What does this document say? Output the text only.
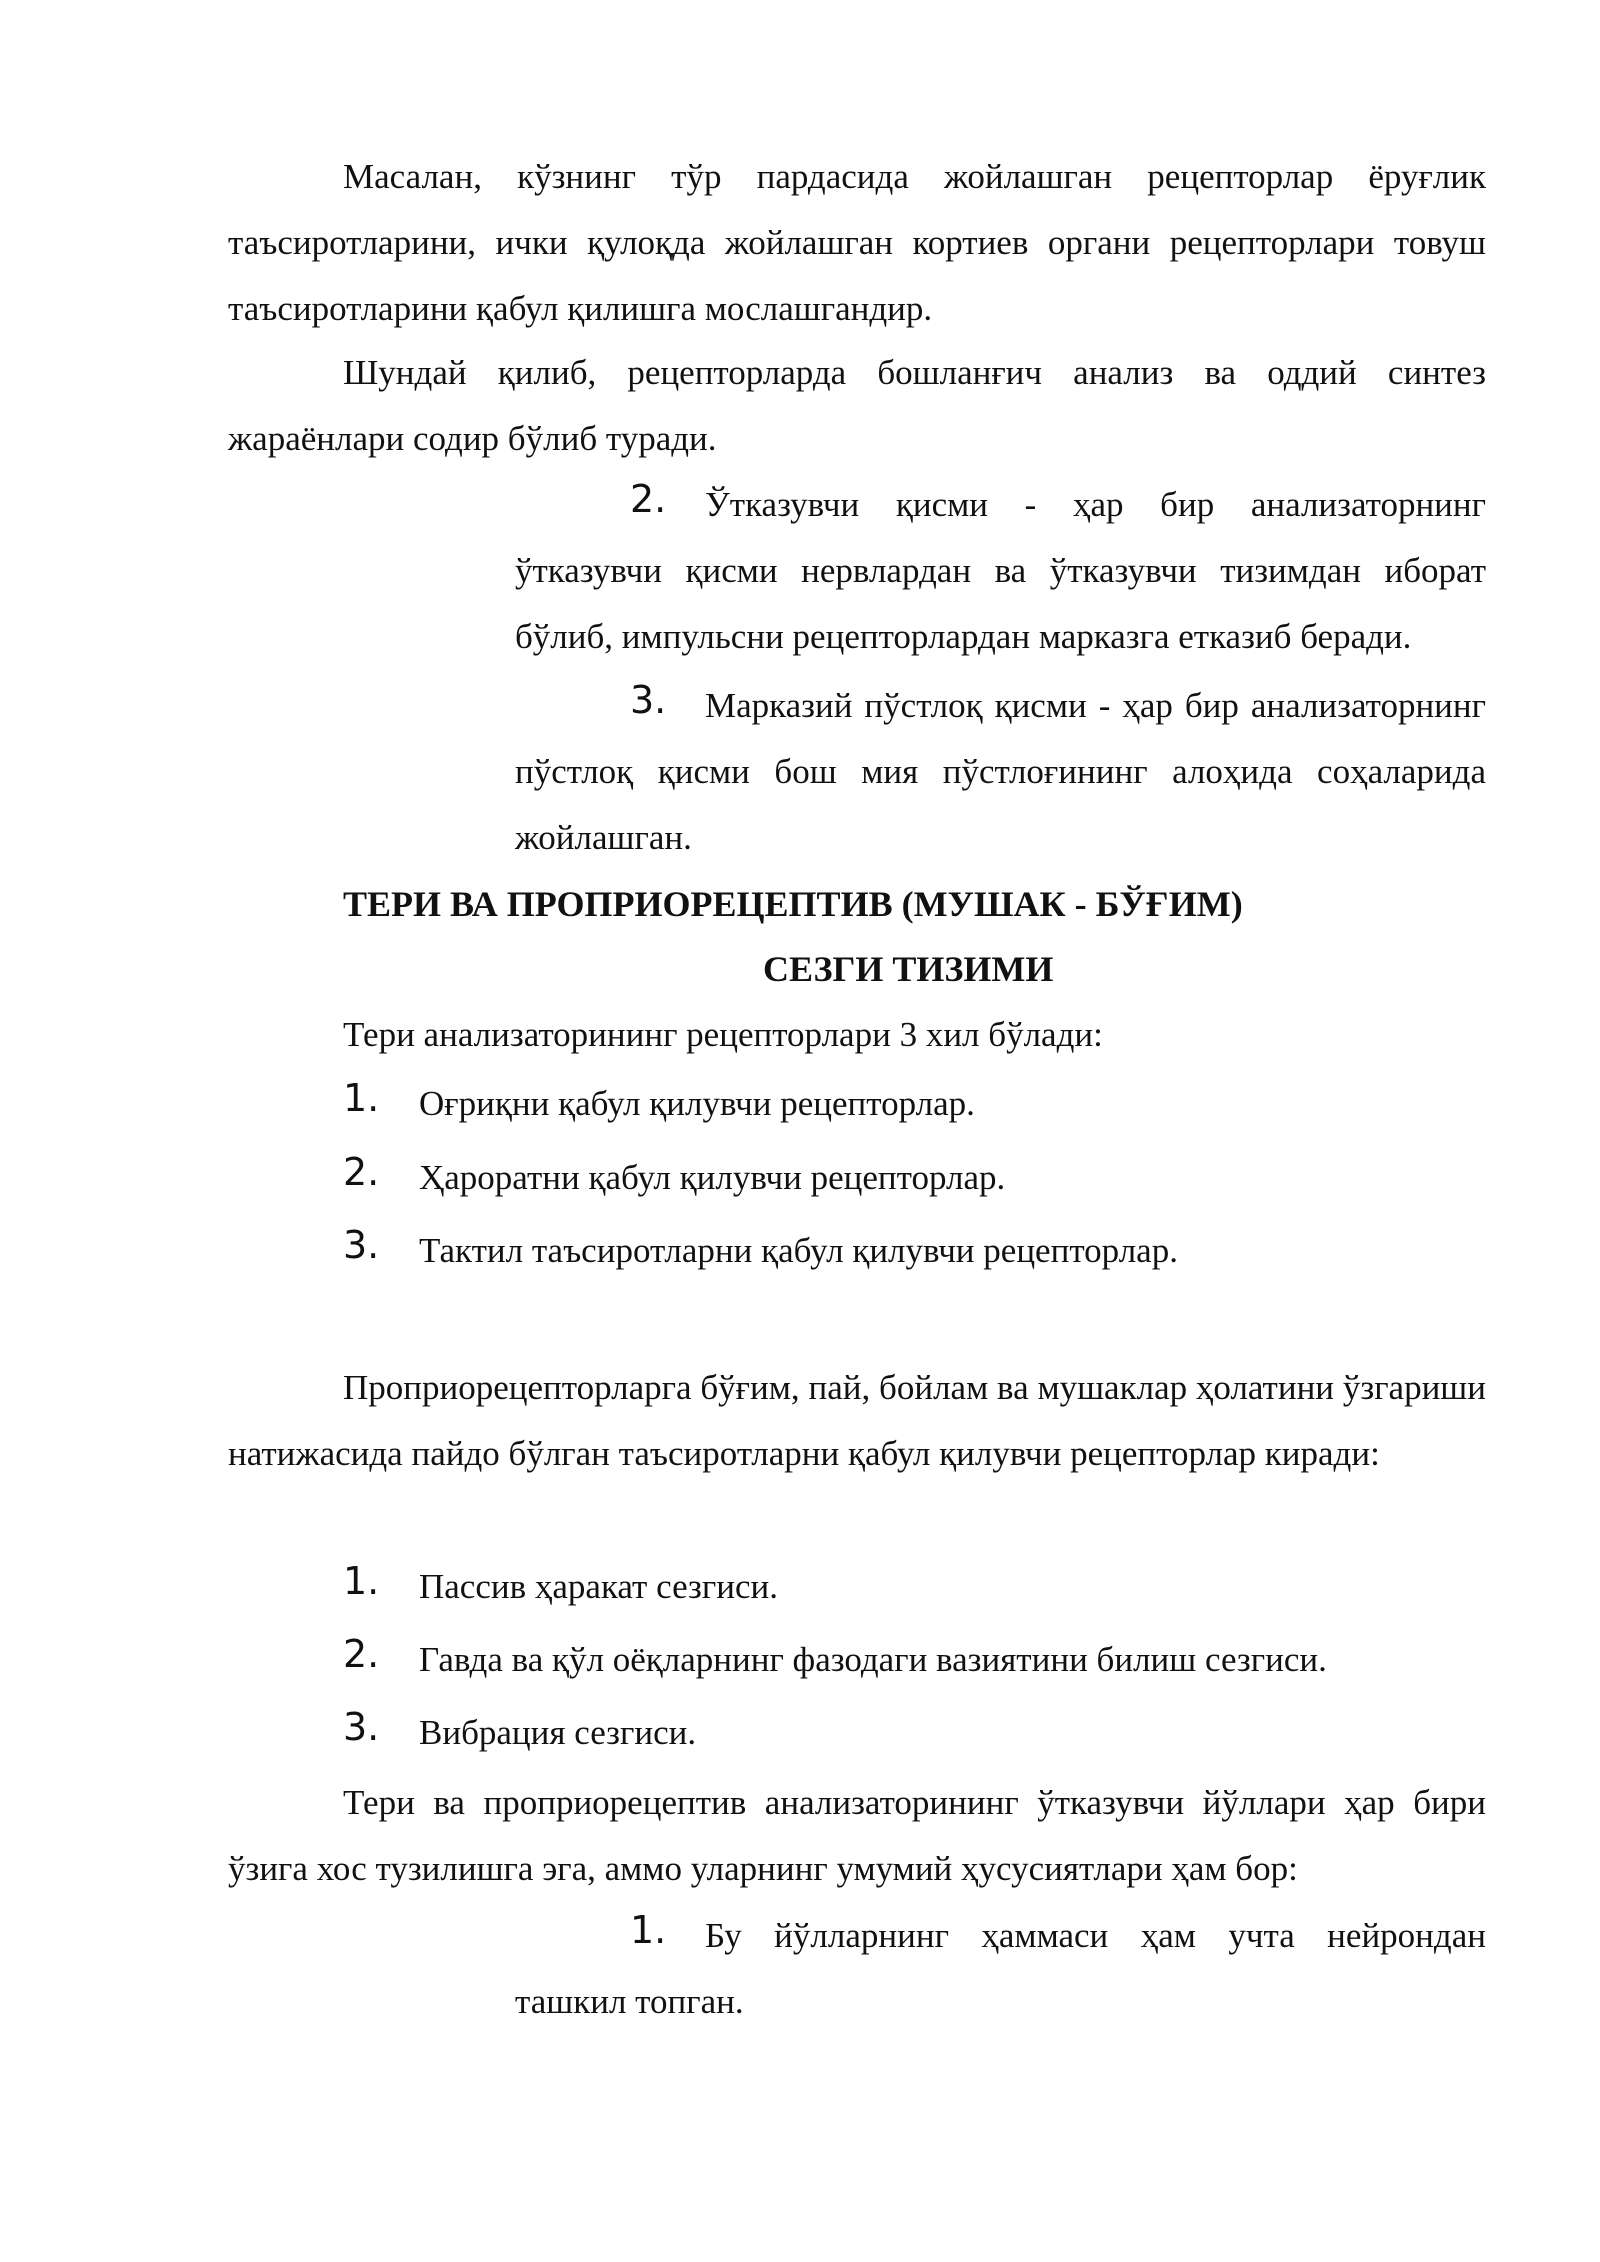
Масалан, кўзнинг тўр пардасида жойлашган рецепторлар ёруғлик таъсиротларини, ички қулоқда жойлашган кортиев органи рецепторлари товуш таъсиротларини қабул қилишга мослашгандир.

Шундай қилиб, рецепторларда бошланғич анализ ва оддий синтез жараёнлари содир бўлиб туради.

2.	Ўтказувчи қисми - ҳар бир анализаторнинг ўтказувчи қисми нервлардан ва ўтказувчи тизимдан иборат бўлиб, импульсни рецепторлардан марказга етказиб беради.

3.	Марказий пўстлоқ қисми - ҳар бир анализаторнинг пўстлоқ қисми бош мия пўстлоғининг алоҳида соҳаларида жойлашган.

ТЕРИ ВА ПРОПРИОРЕЦЕПТИВ (МУШАК - БЎҒИМ)

СЕЗГИ ТИЗИМИ

Тери анализаторининг рецепторлари 3 хил бўлади:
1. Оғриқни қабул қилувчи рецепторлар.
2. Ҳароратни қабул қилувчи рецепторлар.
3. Тактил таъсиротларни қабул қилувчи рецепторлар.

Проприорецепторларга бўғим, пай, бойлам ва мушаклар ҳолатини ўзгариши натижасида пайдо бўлган таъсиротларни қабул қилувчи рецепторлар киради:

1. Пассив ҳаракат сезгиси.
2. Гавда ва қўл оёқларнинг фазодаги вазиятини билиш сезгиси.
3. Вибрация сезгиси.

Тери ва проприорецептив анализаторининг ўтказувчи йўллари ҳар бири ўзига хос тузилишга эга, аммо уларнинг умумий ҳусусиятлари ҳам бор:

1.	Бу йўлларнинг ҳаммаси ҳам учта нейрондан ташкил топган.
